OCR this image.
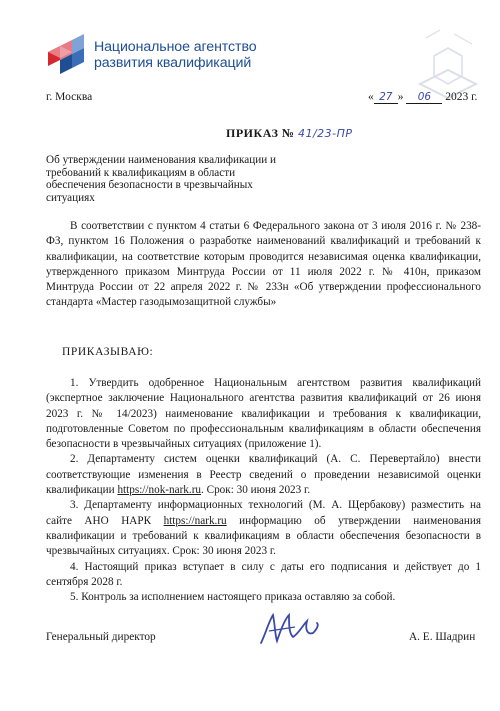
Национальное агентство
развития квалификаций
г. Москва	« 27 » 06 2023 г.
ПРИКАЗ № 41/23-ПР
Об утверждении наименования квалификации и требований к квалификациям в области обеспечения безопасности в чрезвычайных ситуациях

В соответствии с пунктом 4 статьи 6 Федерального закона от 3 июля 2016 г. № 238-ФЗ, пунктом 16 Положения о разработке наименований квалификаций и требований к квалификации, на соответствие которым проводится независимая оценка квалификации, утвержденного приказом Минтруда России от 11 июля 2022 г. № 410н, приказом Минтруда России от 22 апреля 2022 г. № 233н «Об утверждении профессионального стандарта «Мастер газодымозащитной службы»

ПРИКАЗЫВАЮ:

1. Утвердить одобренное Национальным агентством развития квалификаций (экспертное заключение Национального агентства развития квалификаций от 26 июня 2023 г. № 14/2023) наименование квалификации и требования к квалификации, подготовленные Советом по профессиональным квалификациям в области обеспечения безопасности в чрезвычайных ситуациях (приложение 1).

2. Департаменту систем оценки квалификаций (А. С. Перевертайло) внести соответствующие изменения в Реестр сведений о проведении независимой оценки квалификации https://nok-nark.ru. Срок: 30 июня 2023 г.

3. Департаменту информационных технологий (М. А. Щербакову) разместить на сайте АНО НАРК https://nark.ru информацию об утверждении наименования квалификации и требований к квалификациям в области обеспечения безопасности в чрезвычайных ситуациях. Срок: 30 июня 2023 г.

4. Настоящий приказ вступает в силу с даты его подписания и действует до 1 сентября 2028 г.

5. Контроль за исполнением настоящего приказа оставляю за собой.

Генеральный директор	А. Е. Шадрин
